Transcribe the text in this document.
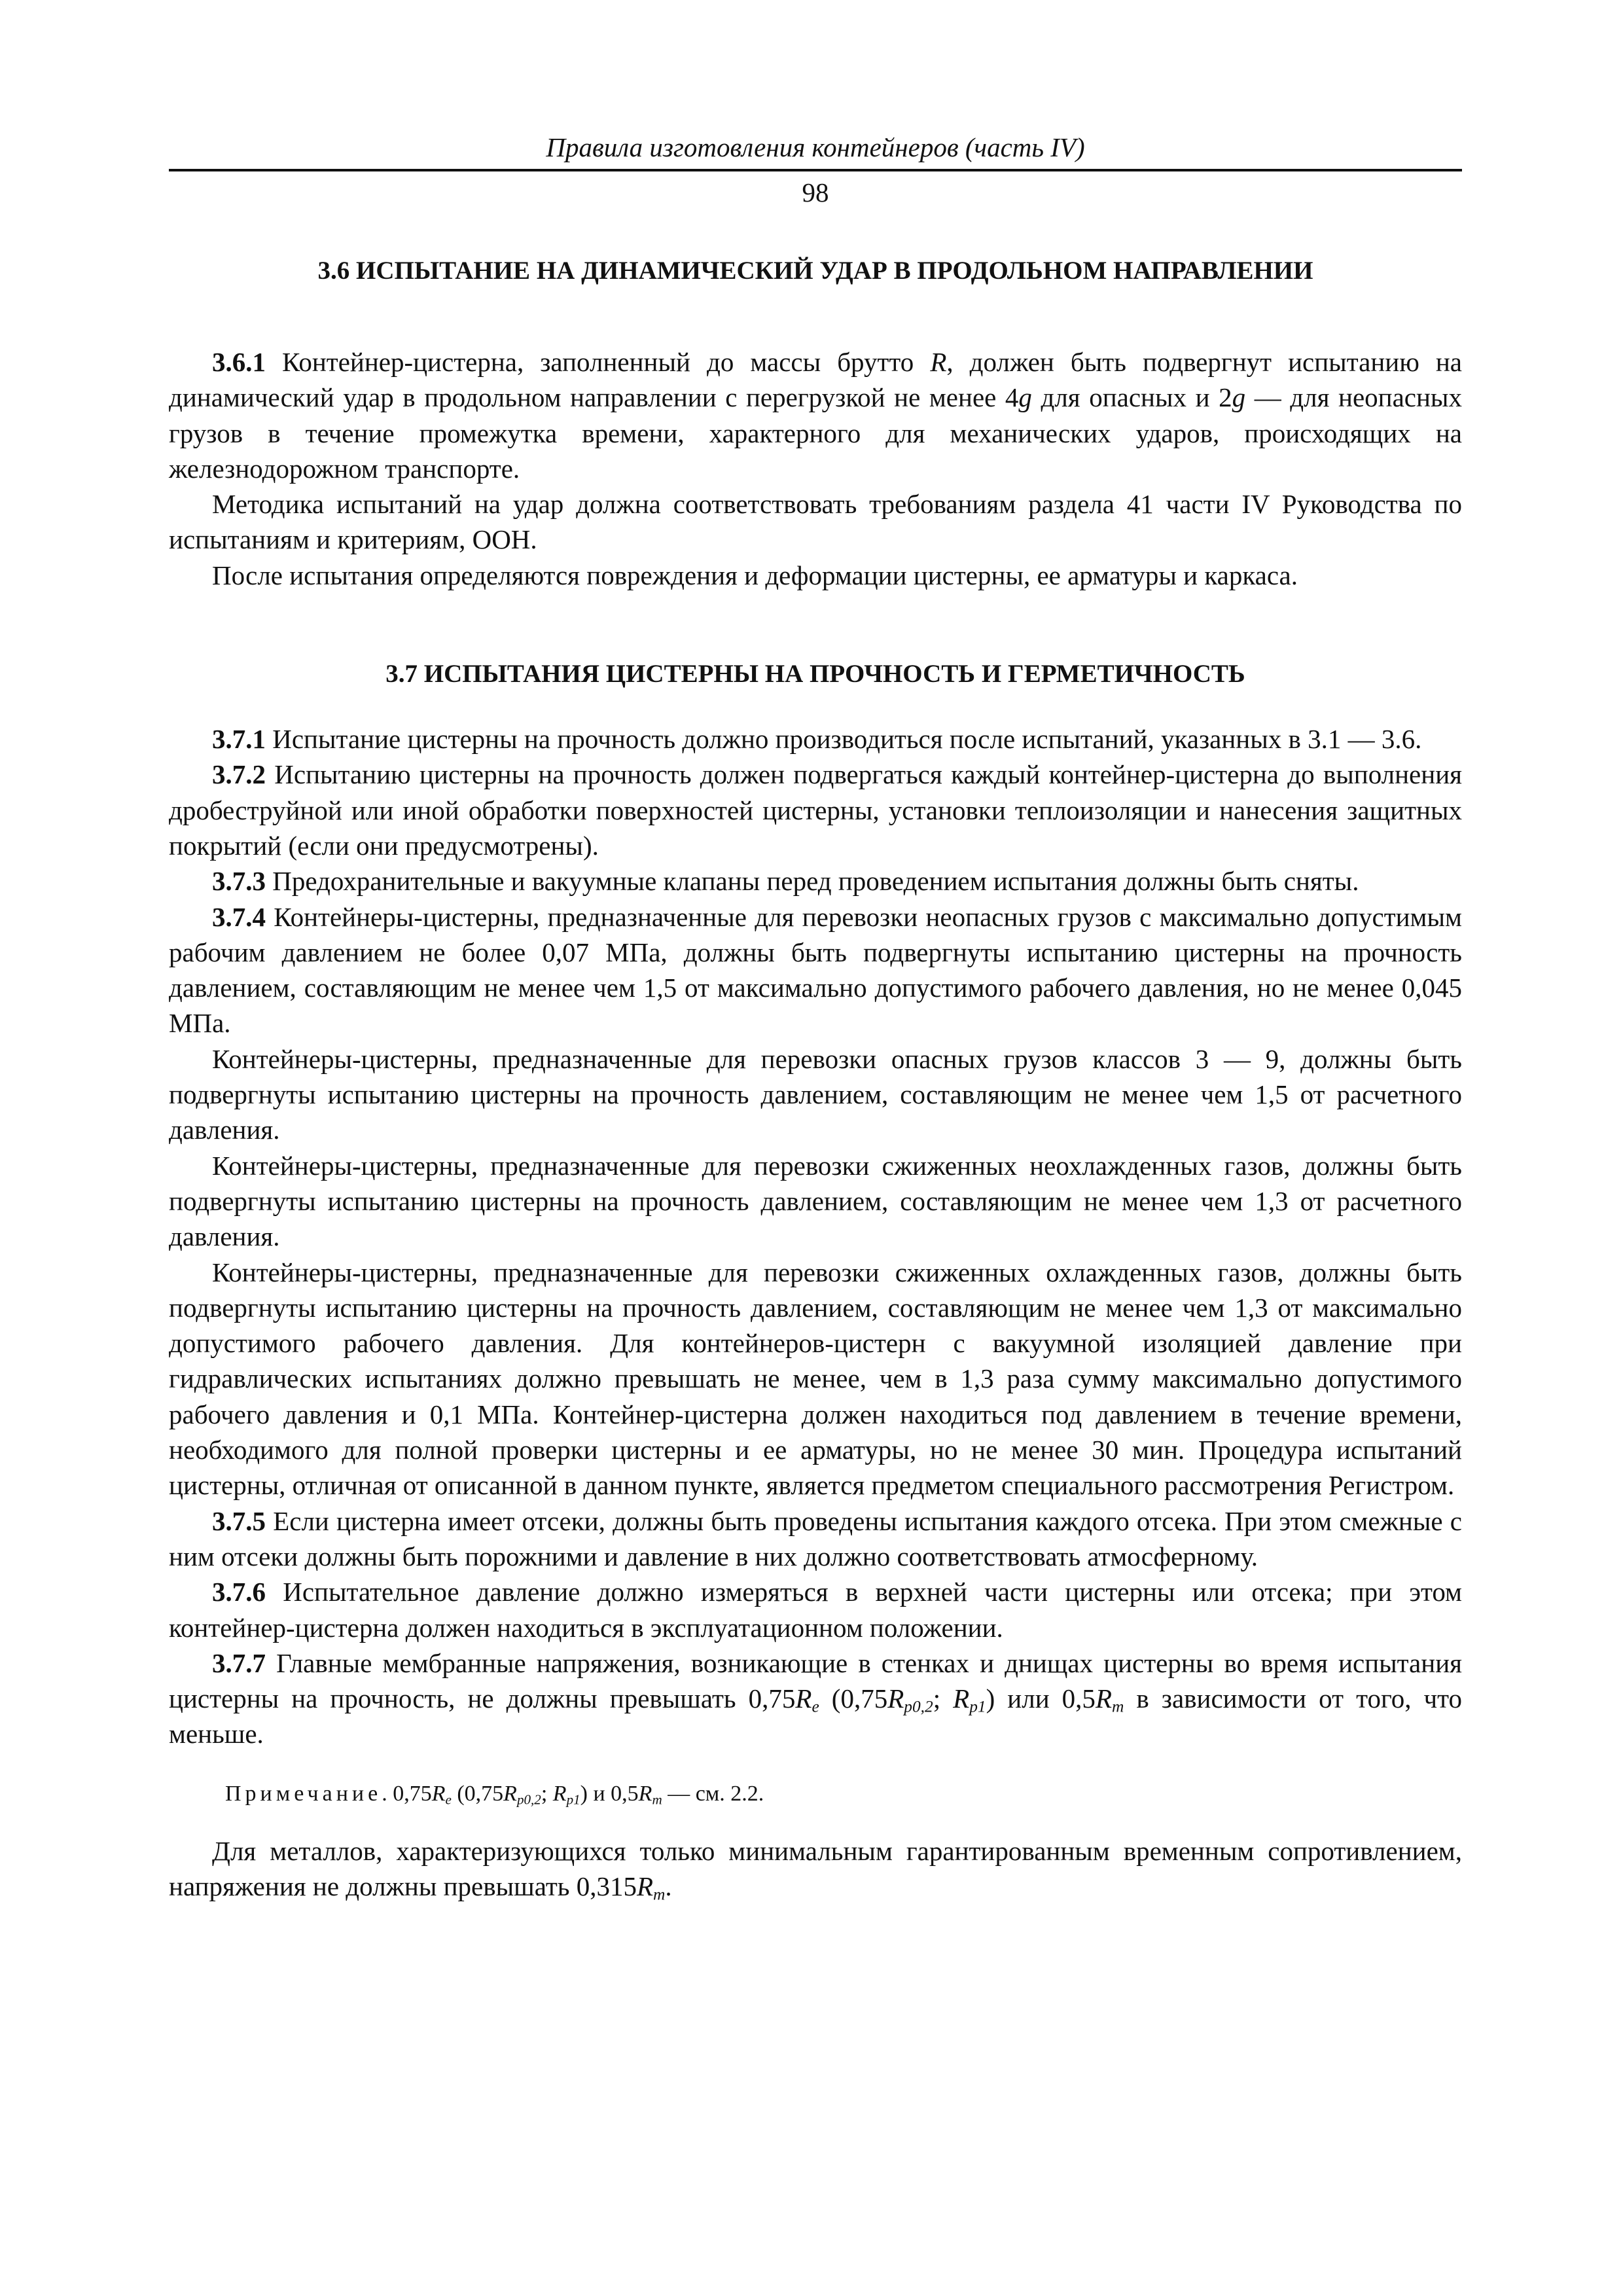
Правила изготовления контейнеров (часть IV)
98
3.6 ИСПЫТАНИЕ НА ДИНАМИЧЕСКИЙ УДАР В ПРОДОЛЬНОМ НАПРАВЛЕНИИ

3.6.1 Контейнер-цистерна, заполненный до массы брутто R, должен быть подвергнут испытанию на динамический удар в продольном направлении с перегрузкой не менее 4g для опасных и 2g — для неопасных грузов в течение промежутка времени, характерного для механических ударов, происходящих на железнодорожном транспорте.

Методика испытаний на удар должна соответствовать требованиям раздела 41 части IV Руководства по испытаниям и критериям, ООН.

После испытания определяются повреждения и деформации цистерны, ее арматуры и каркаса.

3.7 ИСПЫТАНИЯ ЦИСТЕРНЫ НА ПРОЧНОСТЬ И ГЕРМЕТИЧНОСТЬ

3.7.1 Испытание цистерны на прочность должно производиться после испытаний, указанных в 3.1 — 3.6.

3.7.2 Испытанию цистерны на прочность должен подвергаться каждый контейнер-цистерна до выполнения дробеструйной или иной обработки поверхностей цистерны, установки теплоизоляции и нанесения защитных покрытий (если они предусмотрены).

3.7.3 Предохранительные и вакуумные клапаны перед проведением испытания должны быть сняты.

3.7.4 Контейнеры-цистерны, предназначенные для перевозки неопасных грузов с максимально допустимым рабочим давлением не более 0,07 МПа, должны быть подвергнуты испытанию цистерны на прочность давлением, составляющим не менее чем 1,5 от максимально допустимого рабочего давления, но не менее 0,045 МПа.

Контейнеры-цистерны, предназначенные для перевозки опасных грузов классов 3 — 9, должны быть подвергнуты испытанию цистерны на прочность давлением, составляющим не менее чем 1,5 от расчетного давления.

Контейнеры-цистерны, предназначенные для перевозки сжиженных неохлажденных газов, должны быть подвергнуты испытанию цистерны на прочность давлением, составляющим не менее чем 1,3 от расчетного давления.

Контейнеры-цистерны, предназначенные для перевозки сжиженных охлажденных газов, должны быть подвергнуты испытанию цистерны на прочность давлением, составляющим не менее чем 1,3 от максимально допустимого рабочего давления. Для контейнеров-цистерн с вакуумной изоляцией давление при гидравлических испытаниях должно превышать не менее, чем в 1,3 раза сумму максимально допустимого рабочего давления и 0,1 МПа. Контейнер-цистерна должен находиться под давлением в течение времени, необходимого для полной проверки цистерны и ее арматуры, но не менее 30 мин. Процедура испытаний цистерны, отличная от описанной в данном пункте, является предметом специального рассмотрения Регистром.

3.7.5 Если цистерна имеет отсеки, должны быть проведены испытания каждого отсека. При этом смежные с ним отсеки должны быть порожними и давление в них должно соответствовать атмосферному.

3.7.6 Испытательное давление должно измеряться в верхней части цистерны или отсека; при этом контейнер-цистерна должен находиться в эксплуатационном положении.

3.7.7 Главные мембранные напряжения, возникающие в стенках и днищах цистерны во время испытания цистерны на прочность, не должны превышать $0,75R_e$ ($0,75R_{p0,2}$; $R_{p1}$) или $0,5R_m$ в зависимости от того, что меньше.

Примечание. $0,75R_e$ ($0,75R_{p0,2}$; $R_{p1}$) и $0,5R_m$ — см. 2.2.

Для металлов, характеризующихся только минимальным гарантированным временным сопротивлением, напряжения не должны превышать $0,315R_m$.
